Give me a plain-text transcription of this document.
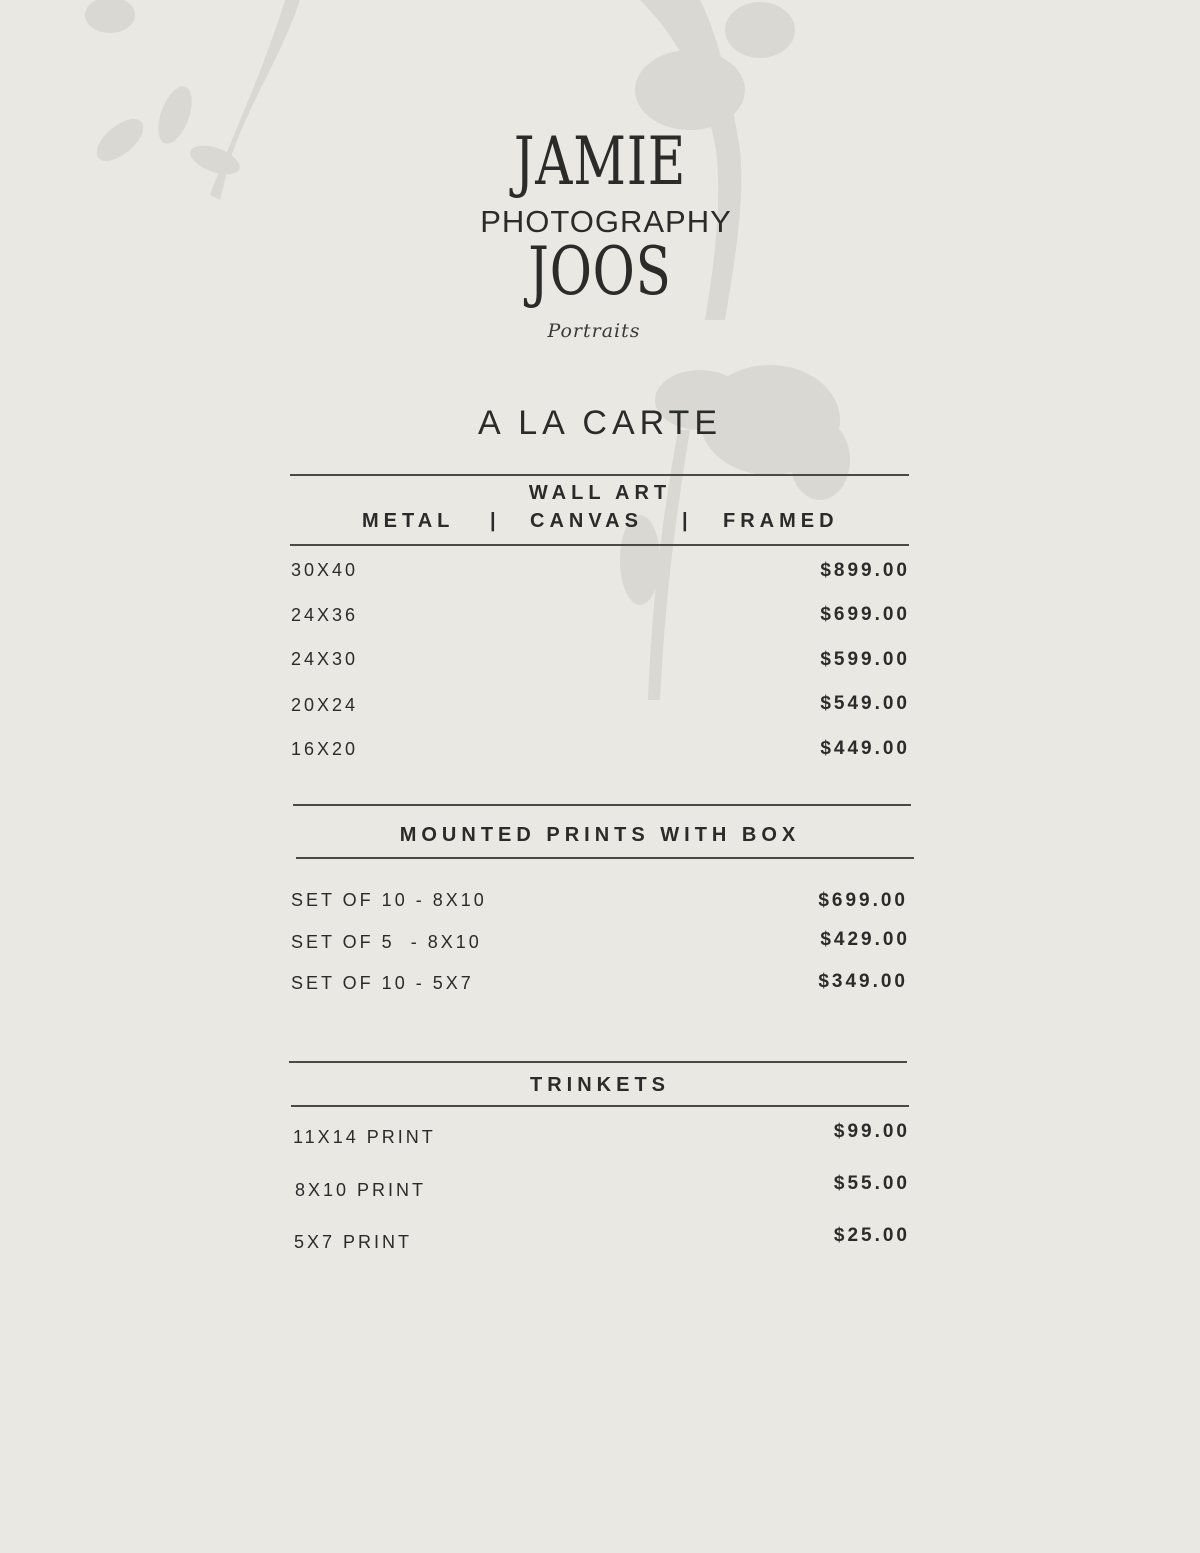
JAMIE
PHOTOGRAPHY
JOOS
Portraits
A LA CARTE
WALL ART
METAL | CANVAS | FRAMED
30X40	$899.00
24X36	$699.00
24X30	$599.00
20X24	$549.00
16X20	$449.00
MOUNTED PRINTS WITH BOX
SET OF 10 - 8X10	$699.00
SET OF 5  - 8X10	$429.00
SET OF 10 - 5X7	$349.00
TRINKETS
11X14 PRINT	$99.00
8X10 PRINT	$55.00
5X7 PRINT	$25.00
